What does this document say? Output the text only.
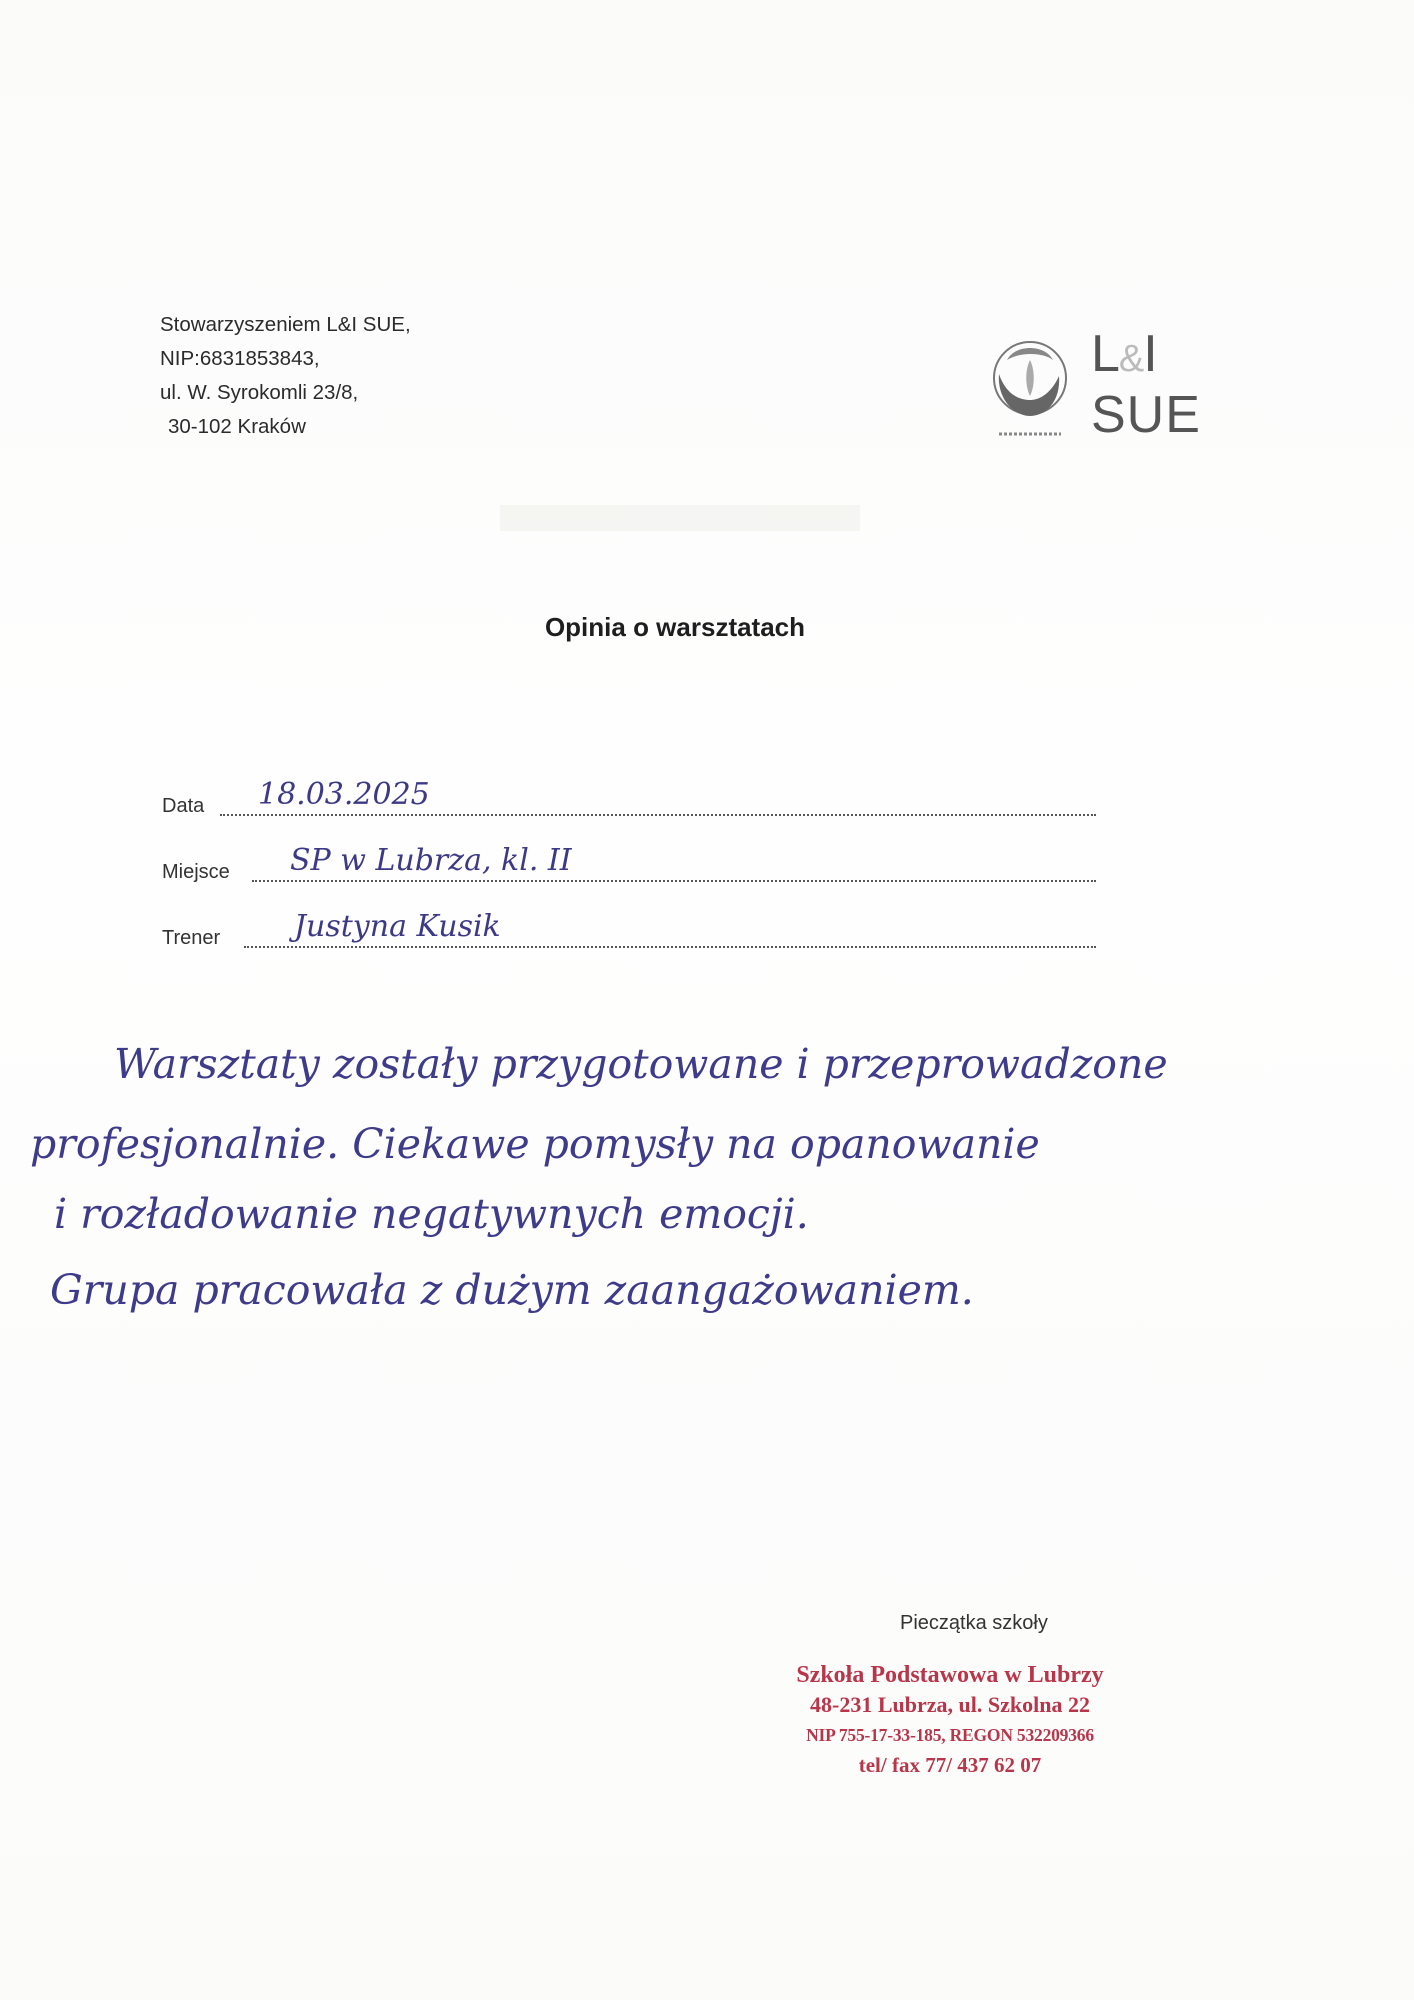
Stowarzyszeniem L&I SUE,
NIP:6831853843,
ul. W. Syrokomli 23/8,
30-102 Kraków
L&I
SUE
Opinia o warsztatach
Data 18.03.2025
Miejsce SP w Lubrza, kl. II
Trener Justyna Kusik
Warsztaty zostały przygotowane i przeprowadzone
profesjonalnie. Ciekawe pomysły na opanowanie
i rozładowanie negatywnych emocji.
Grupa pracowała z dużym zaangażowaniem.
Pieczątka szkoły
Szkoła Podstawowa w Lubrzy
48-231 Lubrza, ul. Szkolna 22
NIP 755-17-33-185, REGON 532209366
tel/ fax 77/ 437 62 07
